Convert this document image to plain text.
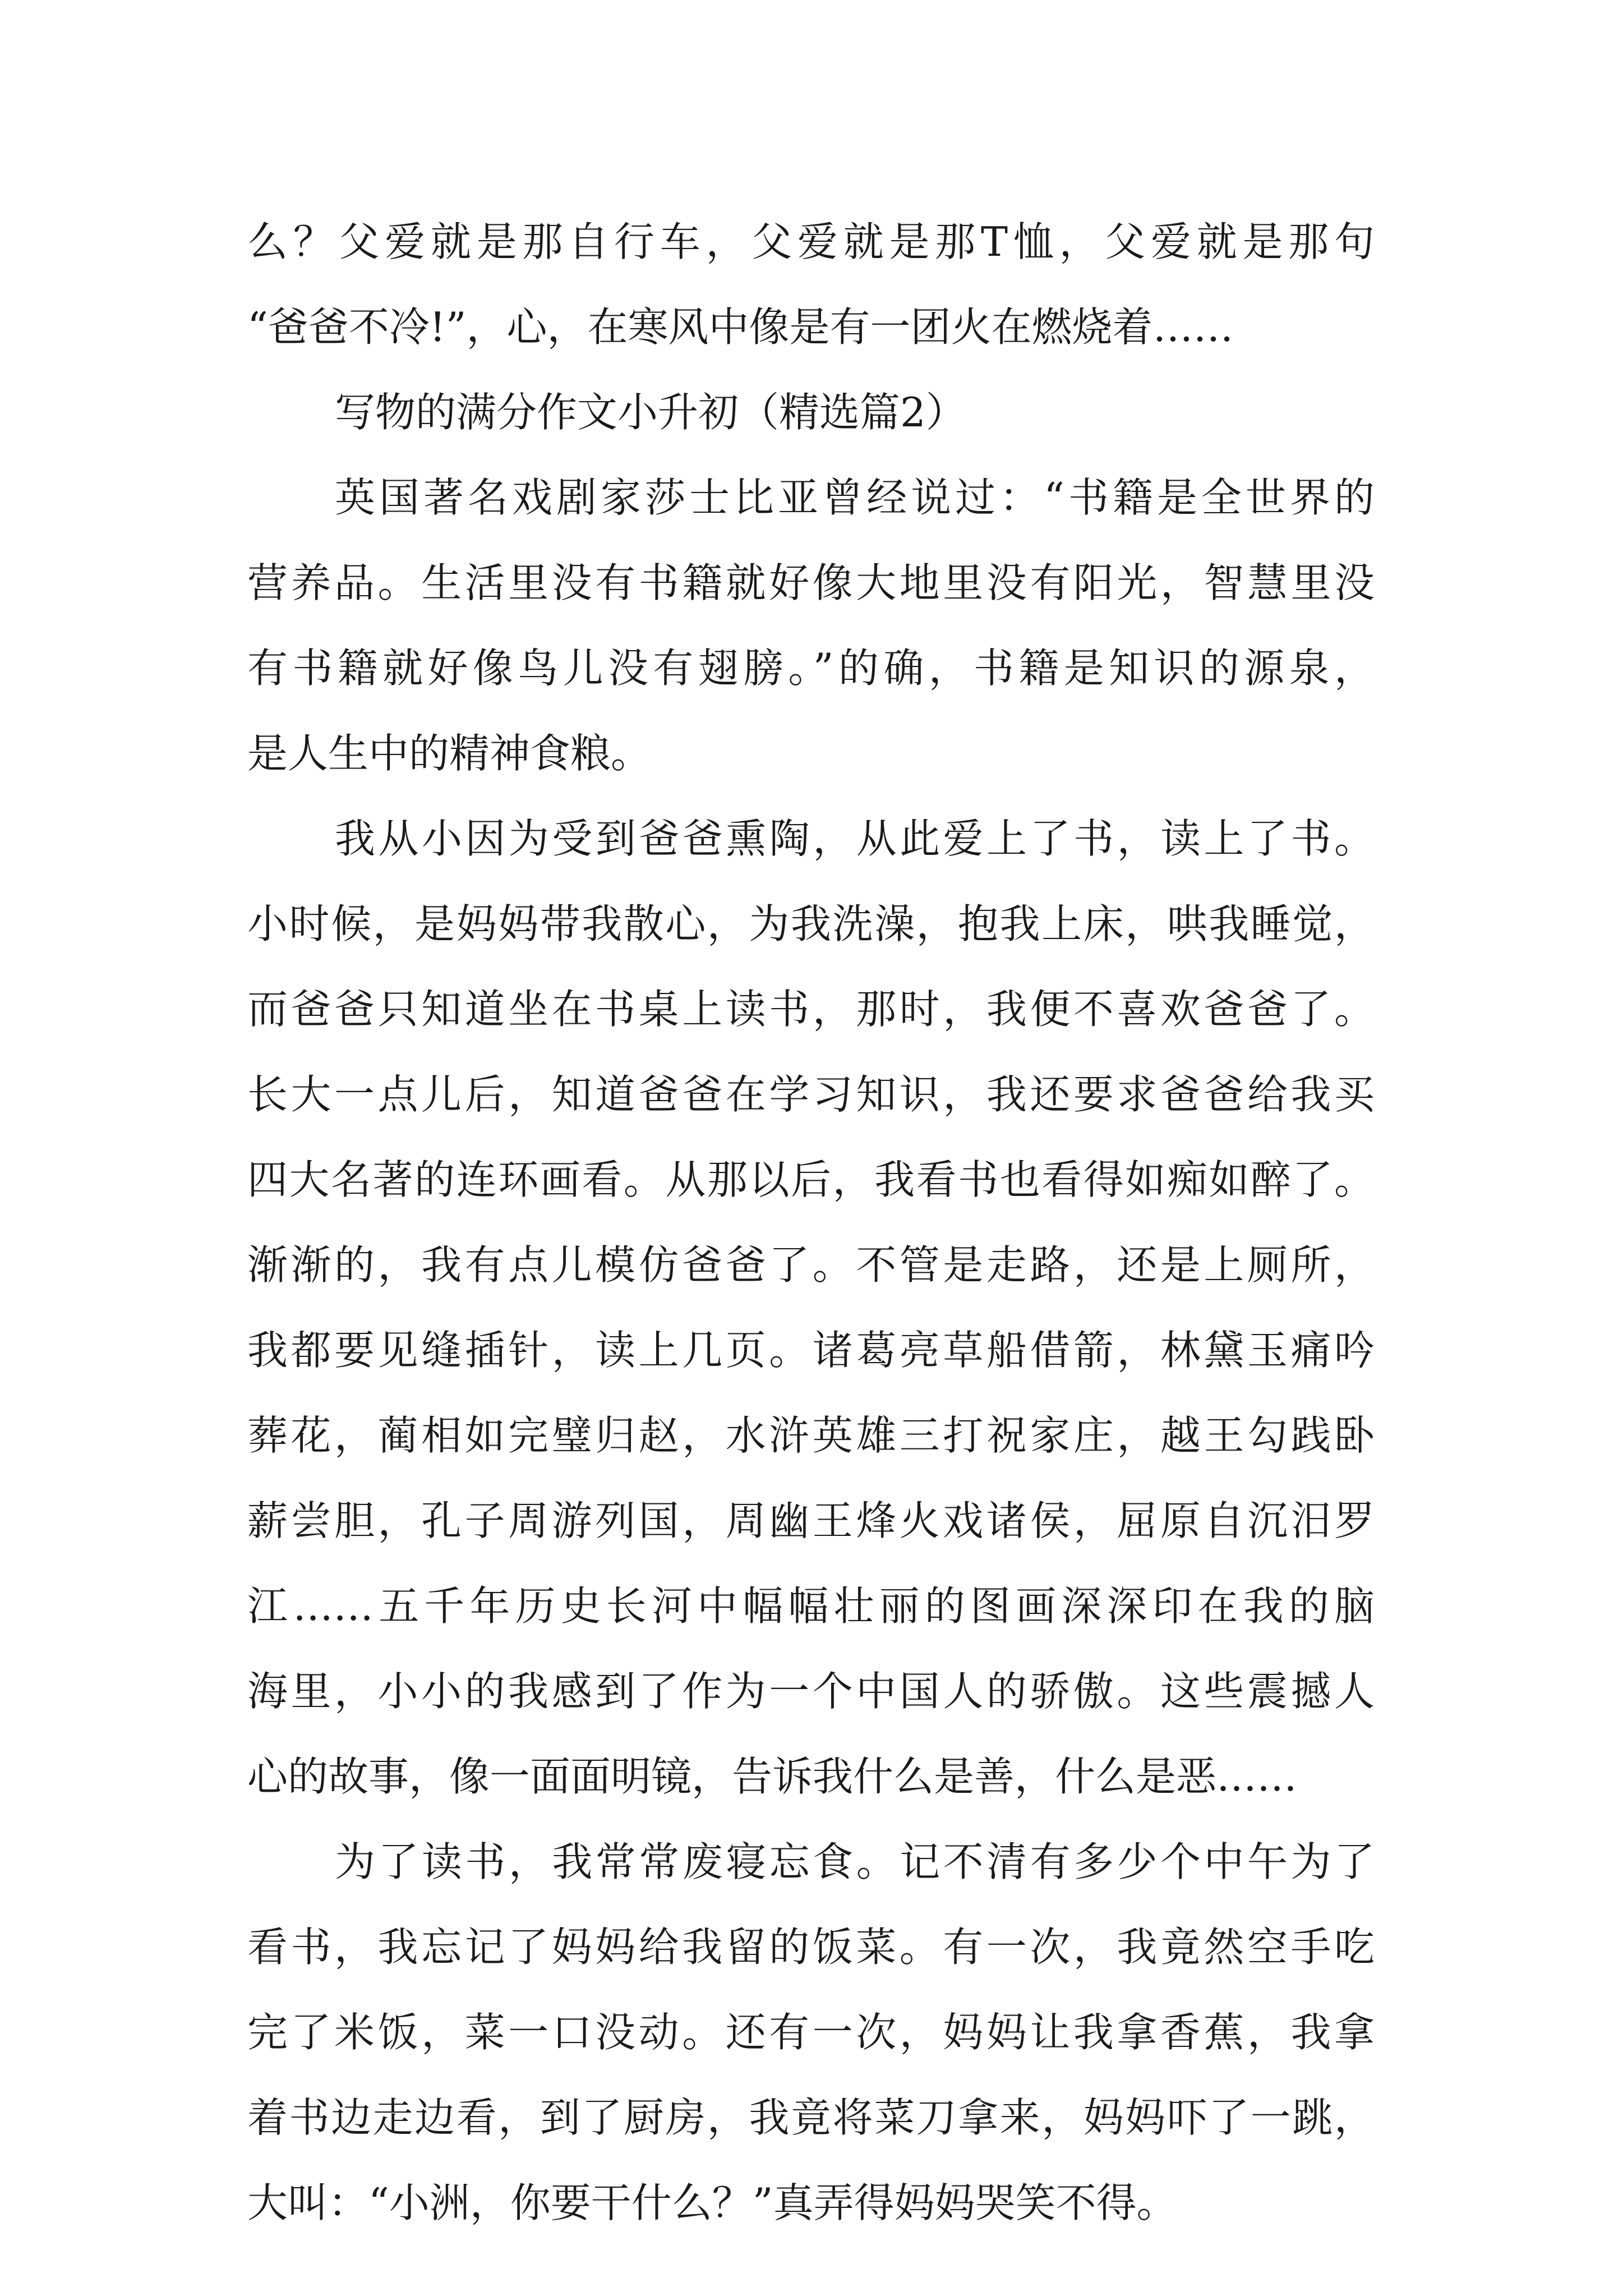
么？父爱就是那自行车，父爱就是那T恤，父爱就是那句
“爸爸不冷!”，心，在寒风中像是有一团火在燃烧着……
写物的满分作文小升初（精选篇2）
英国著名戏剧家莎士比亚曾经说过：“书籍是全世界的
营养品。生活里没有书籍就好像大地里没有阳光，智慧里没
有书籍就好像鸟儿没有翅膀。”的确，书籍是知识的源泉，
是人生中的精神食粮。
我从小因为受到爸爸熏陶，从此爱上了书，读上了书。
小时候，是妈妈带我散心，为我洗澡，抱我上床，哄我睡觉，
而爸爸只知道坐在书桌上读书，那时，我便不喜欢爸爸了。
长大一点儿后，知道爸爸在学习知识，我还要求爸爸给我买
四大名著的连环画看。从那以后，我看书也看得如痴如醉了。
渐渐的，我有点儿模仿爸爸了。不管是走路，还是上厕所，
我都要见缝插针，读上几页。诸葛亮草船借箭，林黛玉痛吟
葬花，蔺相如完璧归赵，水浒英雄三打祝家庄，越王勾践卧
薪尝胆，孔子周游列国，周幽王烽火戏诸侯，屈原自沉汨罗
江……五千年历史长河中幅幅壮丽的图画深深印在我的脑
海里，小小的我感到了作为一个中国人的骄傲。这些震撼人
心的故事，像一面面明镜，告诉我什么是善，什么是恶……
为了读书，我常常废寝忘食。记不清有多少个中午为了
看书，我忘记了妈妈给我留的饭菜。有一次，我竟然空手吃
完了米饭，菜一口没动。还有一次，妈妈让我拿香蕉，我拿
着书边走边看，到了厨房，我竟将菜刀拿来，妈妈吓了一跳，
大叫：“小洲，你要干什么？”真弄得妈妈哭笑不得。
